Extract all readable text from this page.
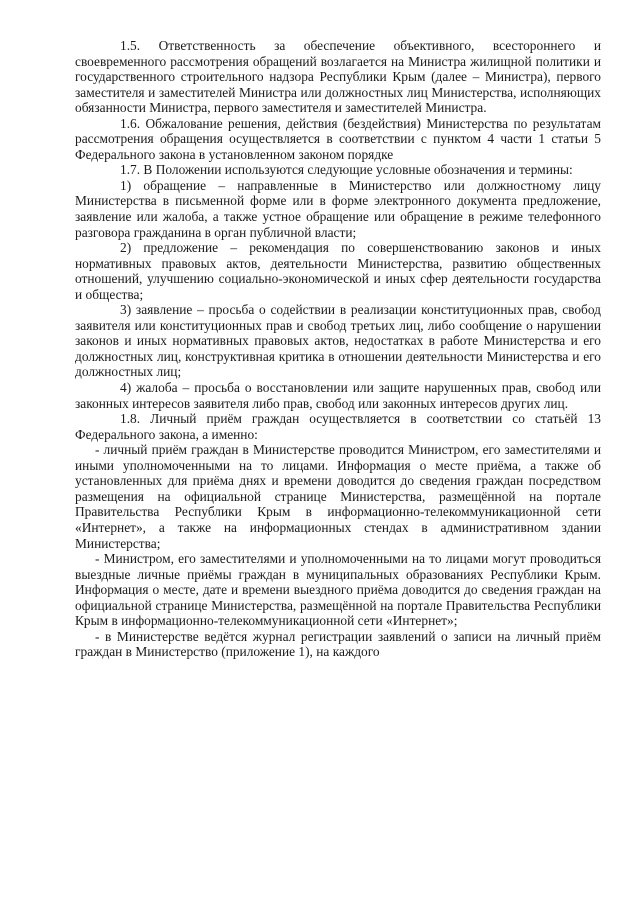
1.5. Ответственность за обеспечение объективного, всестороннего и своевременного рассмотрения обращений возлагается на Министра жилищной политики и государственного строительного надзора Республики Крым (далее – Министра), первого заместителя и заместителей Министра или должностных лиц Министерства, исполняющих обязанности Министра, первого заместителя и заместителей Министра.

1.6. Обжалование решения, действия (бездействия) Министерства по результатам рассмотрения обращения осуществляется в соответствии с пунктом 4 части 1 статьи 5 Федерального закона в установленном законом порядке

1.7. В Положении используются следующие условные обозначения и термины:

1) обращение – направленные в Министерство или должностному лицу Министерства в письменной форме или в форме электронного документа предложение, заявление или жалоба, а также устное обращение или обращение в режиме телефонного разговора гражданина в орган публичной власти;

2) предложение – рекомендация по совершенствованию законов и иных нормативных правовых актов, деятельности Министерства, развитию общественных отношений, улучшению социально-экономической и иных сфер деятельности государства и общества;

3) заявление – просьба о содействии в реализации конституционных прав, свобод заявителя или конституционных прав и свобод третьих лиц, либо сообщение о нарушении законов и иных нормативных правовых актов, недостатках в работе Министерства и его должностных лиц, конструктивная критика в отношении деятельности Министерства и его должностных лиц;

4) жалоба – просьба о восстановлении или защите нарушенных прав, свобод или законных интересов заявителя либо прав, свобод или законных интересов других лиц.

1.8. Личный приём граждан осуществляется в соответствии со статьёй 13 Федерального закона, а именно:

- личный приём граждан в Министерстве проводится Министром, его заместителями и иными уполномоченными на то лицами. Информация о месте приёма, а также об установленных для приёма днях и времени доводится до сведения граждан посредством размещения на официальной странице Министерства, размещённой на портале Правительства Республики Крым в информационно-телекоммуникационной сети «Интернет», а также на информационных стендах в административном здании Министерства;

- Министром, его заместителями и уполномоченными на то лицами могут проводиться выездные личные приёмы граждан в муниципальных образованиях Республики Крым. Информация о месте, дате и времени выездного приёма доводится до сведения граждан на официальной странице Министерства, размещённой на портале Правительства Республики Крым в информационно-телекоммуникационной сети «Интернет»;

- в Министерстве ведётся журнал регистрации заявлений о записи на личный приём граждан в Министерство (приложение 1), на каждого
